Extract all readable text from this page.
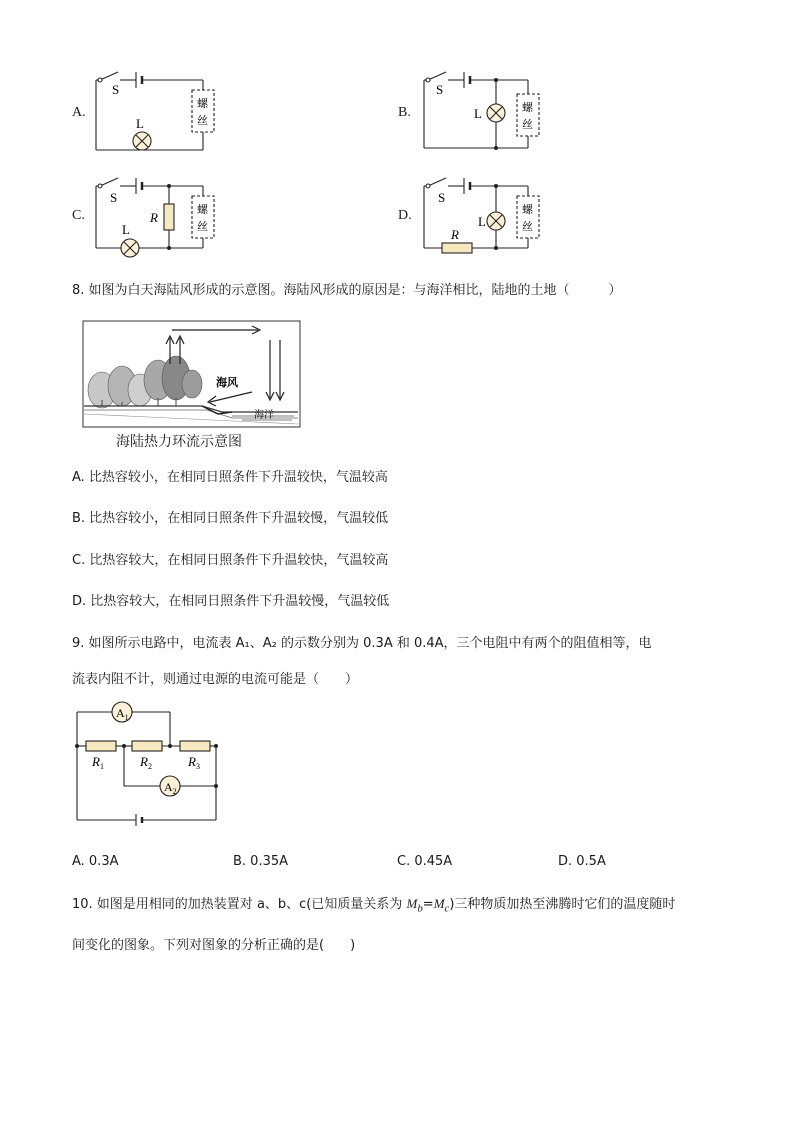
A.
S
L
螺
丝
B.
S
L	螺
丝
C.
S
L
R	螺
丝
D.
S
L
R
螺
丝
8. 如图为白天海陆风形成的示意图。海陆风形成的原因是：与海洋相比，陆地的土地（　　　）
海风
海洋
海陆热力环流示意图
A. 比热容较小，在相同日照条件下升温较快，气温较高
B. 比热容较小，在相同日照条件下升温较慢，气温较低
C. 比热容较大，在相同日照条件下升温较快，气温较高
D. 比热容较大，在相同日照条件下升温较慢，气温较低
9. 如图所示电路中，电流表 A₁、A₂ 的示数分别为 0.3A 和 0.4A，三个电阻中有两个的阻值相等，电
流表内阻不计，则通过电源的电流可能是（　　）
$A_1$
$A_2$
$R_1$	$R_2$	$R_3$
A. 0.3A	B. 0.35A	C. 0.45A	D. 0.5A
10. 如图是用相同的加热装置对 a、b、c(已知质量关系为 $M_b=M_c$)三种物质加热至沸腾时它们的温度随时
间变化的图象。下列对图象的分析正确的是(　　)
